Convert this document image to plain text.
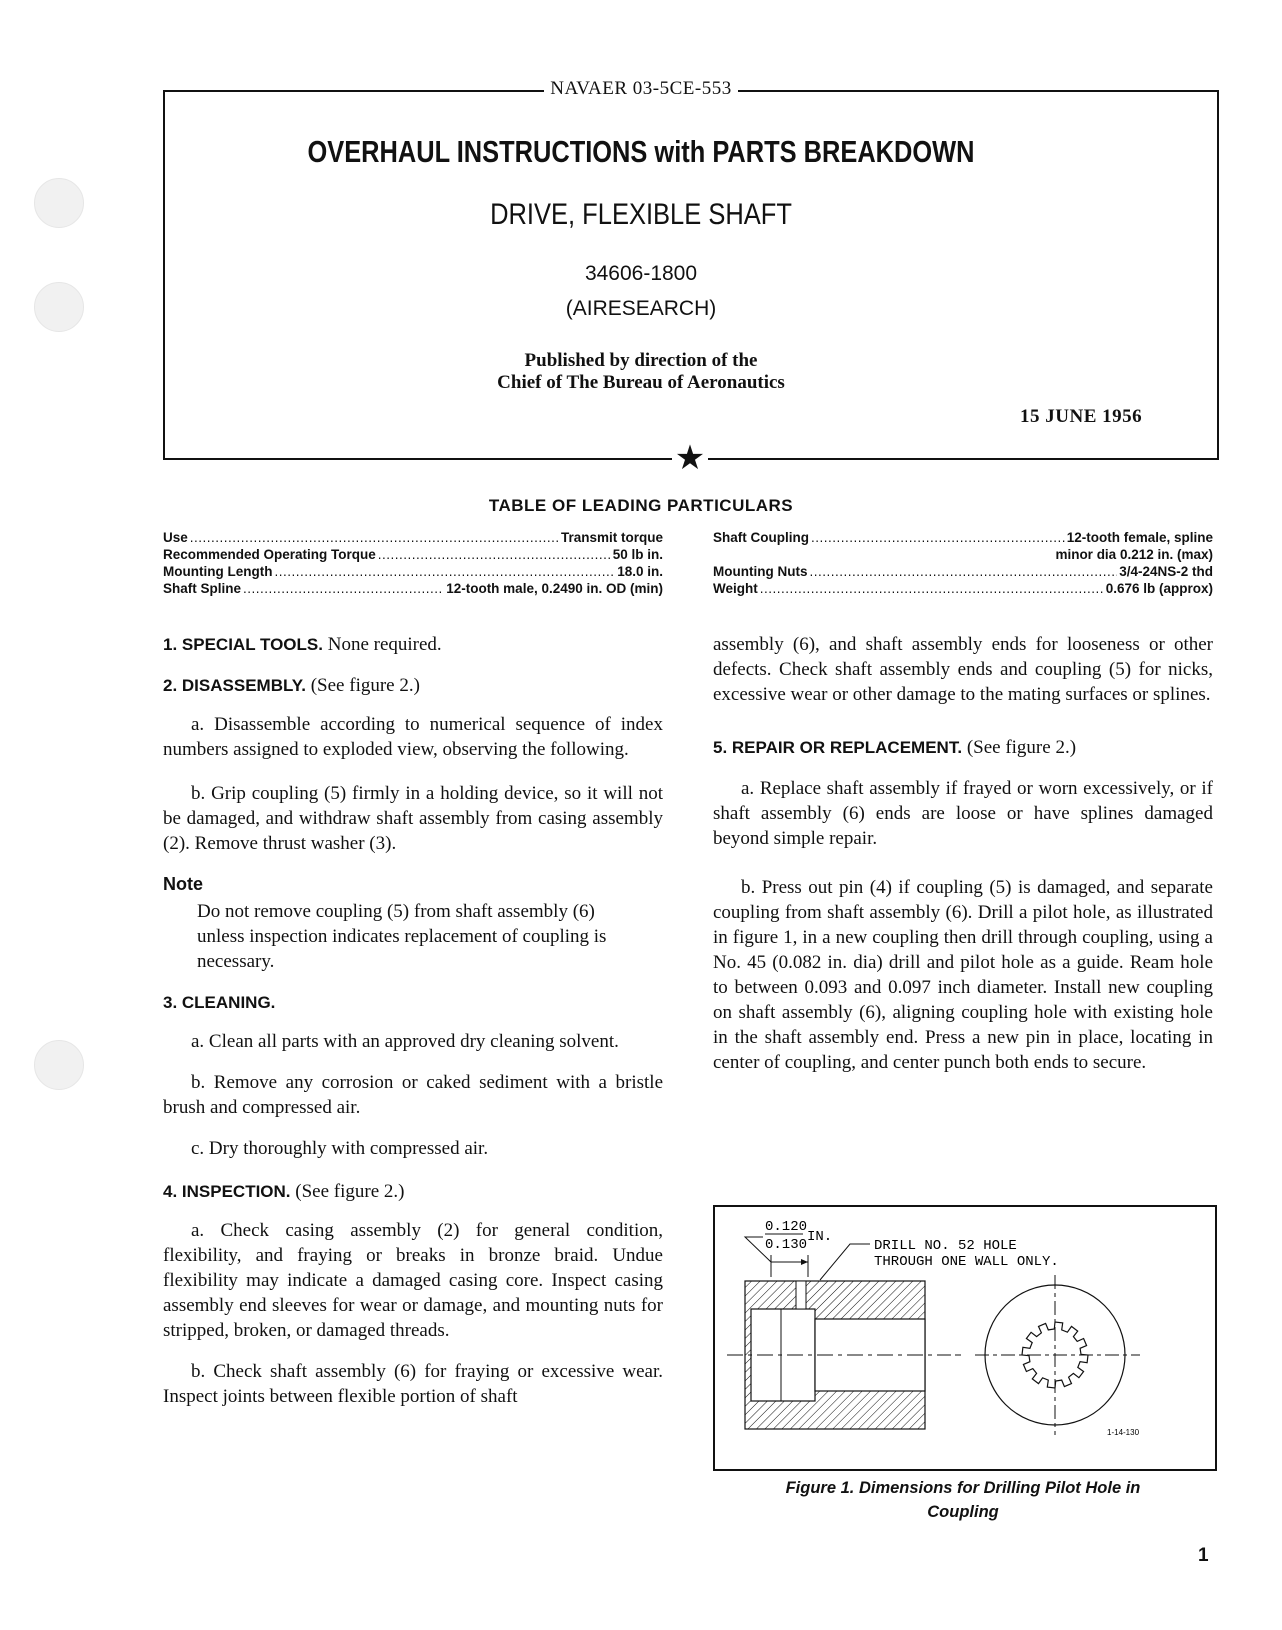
NAVAER 03-5CE-553
OVERHAUL INSTRUCTIONS with PARTS BREAKDOWN
DRIVE, FLEXIBLE SHAFT
34606-1800
(AIRESEARCH)
Published by direction of the
Chief of The Bureau of Aeronautics
15 JUNE 1956
★
TABLE OF LEADING PARTICULARS
Use .....	Transmit torque
Recommended Operating Torque .....	50 lb in.
Mounting Length .....	18.0 in.
Shaft Spline .....	12-tooth male, 0.2490 in. OD (min)
Shaft Coupling .....	12-tooth female, spline
minor dia 0.212 in. (max)
Mounting Nuts .....	3/4-24NS-2 thd
Weight .....	0.676 lb (approx)

1. SPECIAL TOOLS. None required.

2. DISASSEMBLY. (See figure 2.)

a. Disassemble according to numerical sequence of index numbers assigned to exploded view, observing the following.

b. Grip coupling (5) firmly in a holding device, so it will not be damaged, and withdraw shaft assembly from casing assembly (2). Remove thrust washer (3).

Note

Do not remove coupling (5) from shaft assembly (6) unless inspection indicates replacement of coupling is necessary.

3. CLEANING.

a. Clean all parts with an approved dry cleaning solvent.

b. Remove any corrosion or caked sediment with a bristle brush and compressed air.

c. Dry thoroughly with compressed air.

4. INSPECTION. (See figure 2.)

a. Check casing assembly (2) for general condition, flexibility, and fraying or breaks in bronze braid. Undue flexibility may indicate a damaged casing core. Inspect casing assembly end sleeves for wear or damage, and mounting nuts for stripped, broken, or damaged threads.

b. Check shaft assembly (6) for fraying or excessive wear. Inspect joints between flexible portion of shaft

assembly (6), and shaft assembly ends for looseness or other defects. Check shaft assembly ends and coupling (5) for nicks, excessive wear or other damage to the mating surfaces or splines.

5. REPAIR OR REPLACEMENT. (See figure 2.)

a. Replace shaft assembly if frayed or worn excessively, or if shaft assembly (6) ends are loose or have splines damaged beyond simple repair.

b. Press out pin (4) if coupling (5) is damaged, and separate coupling from shaft assembly (6). Drill a pilot hole, as illustrated in figure 1, in a new coupling then drill through coupling, using a No. 45 (0.082 in. dia) drill and pilot hole as a guide. Ream hole to between 0.093 and 0.097 inch diameter. Install new coupling on shaft assembly (6), aligning coupling hole with existing hole in the shaft assembly end. Press a new pin in place, locating in center of coupling, and center punch both ends to secure.

0.120
0.130 IN.
DRILL NO. 52 HOLE
THROUGH ONE WALL ONLY.
1-14-130
Figure 1. Dimensions for Drilling Pilot Hole in
Coupling
1
